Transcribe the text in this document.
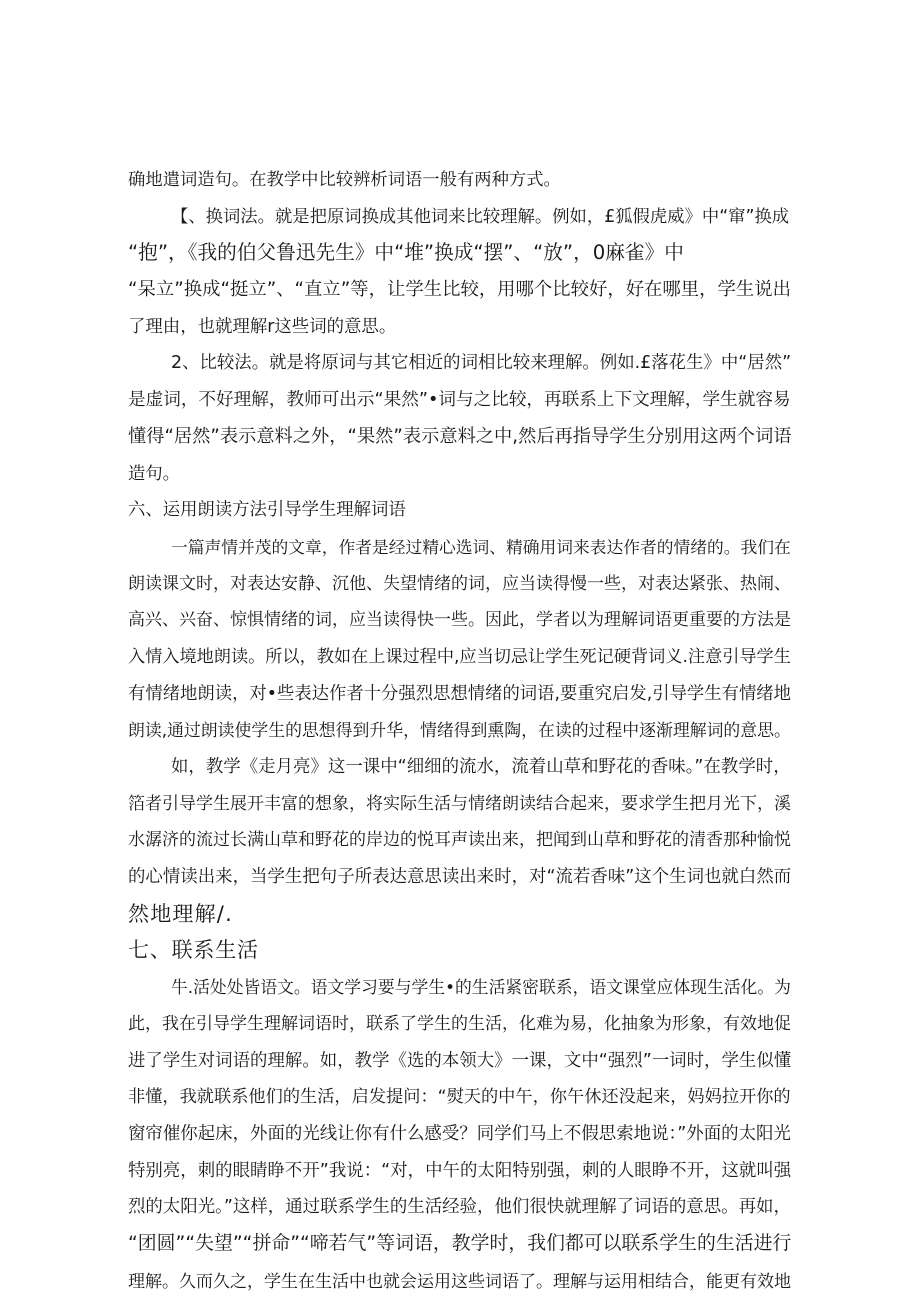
确地遣词造句。在教学中比较辨析词语一般有两种方式。

【、换词法。就是把原词换成其他词来比较理解。例如，£狐假虎威》中“窜”换成

“抱”，《我的伯父鲁迅先生》中“堆”换成“摆”、“放”，0麻雀》中

“呆立”换成“挺立”、“直立”等，让学生比较，用哪个比较好，好在哪里，学生说出

了理由，也就理解r这些词的意思。

2、比较法。就是将原词与其它相近的词相比较来理解。例如.£落花生》中“居然”

是虚词，不好理解，教师可出示“果然”•词与之比较，再联系上下文理解，学生就容易

懂得“居然”表示意料之外，“果然”表示意料之中,然后再指导学生分别用这两个词语

造句。

六、运用朗读方法引导学生理解词语

一篇声情并茂的文章，作者是经过精心选词、精确用词来表达作者的情绪的。我们在

朗读课文时，对表达安静、沉他、失望情绪的词，应当读得慢一些，对表达紧张、热闹、

高兴、兴奋、惊惧情绪的词，应当读得快一些。因此，学者以为理解词语更重要的方法是

入情入境地朗读。所以，教如在上课过程中,应当切忌让学生死记硬背词义.注意引导学生

有情绪地朗读，对•些表达作者十分强烈思想情绪的词语,要重究启发,引导学生有情绪地

朗读,通过朗读使学生的思想得到升华，情绪得到熏陶，在读的过程中逐渐理解词的意思。

如，教学《走月亮》这一课中“细细的流水，流着山草和野花的香味。”在教学时，

箔者引导学生展开丰富的想象，将实际生活与情绪朗读结合起来，要求学生把月光下，溪

水潺济的流过长满山草和野花的岸边的悦耳声读出来，把闻到山草和野花的清香那种愉悦

的心情读出来，当学生把句子所表达意思读出来时，对“流若香味”这个生词也就白然而

然地理解/.

七、联系生活

牛.活处处皆语文。语文学习要与学生•的生活紧密联系，语文课堂应体现生活化。为

此，我在引导学生理解词语时，联系了学生的生活，化难为易，化抽象为形象，有效地促

进了学生对词语的理解。如，教学《选的本领大》一课，文中“强烈”一词时，学生似懂

非懂，我就联系他们的生活，启发提问：“熨天的中午，你午休还没起来，妈妈拉开你的

窗帘催你起床，外面的光线让你有什么感受？同学们马上不假思索地说：”外面的太阳光

特别亮，刺的眼睛睁不开”我说：“对，中午的太阳特别强，刺的人眼睁不开，这就叫强

烈的太阳光。”这样，通过联系学生的生活经验，他们很快就理解了词语的意思。再如，

“团圆”“失望”“拼命”“啼若气”等词语，教学时，我们都可以联系学生的生活进行

理解。久而久之，学生在生活中也就会运用这些词语了。理解与运用相结合，能更有效地
